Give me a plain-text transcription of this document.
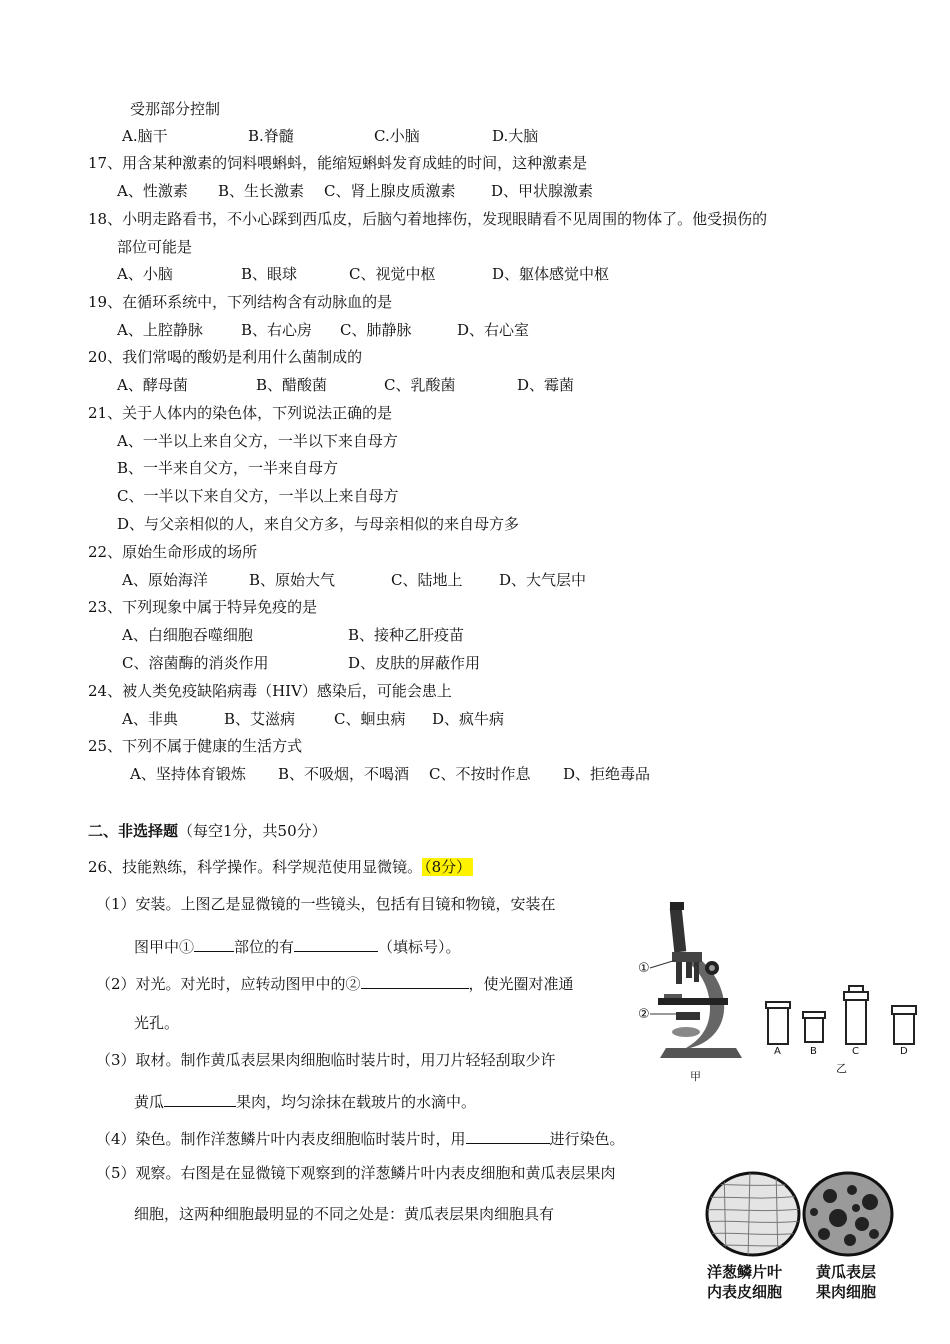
受那部分控制
A.脑干	B.脊髓	C.小脑	D.大脑
17、用含某种激素的饲料喂蝌蚪，能缩短蝌蚪发育成蛙的时间，这种激素是
A、性激素 B、生长激素 C、肾上腺皮质激素 D、甲状腺激素
18、小明走路看书，不小心踩到西瓜皮，后脑勺着地摔伤，发现眼睛看不见周围的物体了。他受损伤的
部位可能是
A、小脑	B、眼球	C、视觉中枢	D、躯体感觉中枢
19、在循环系统中，下列结构含有动脉血的是
A、上腔静脉	B、右心房 C、肺静脉	D、右心室
20、我们常喝的酸奶是利用什么菌制成的
A、酵母菌	B、醋酸菌	C、乳酸菌	D、霉菌
21、关于人体内的染色体，下列说法正确的是
A、一半以上来自父方，一半以下来自母方
B、一半来自父方，一半来自母方
C、一半以下来自父方，一半以上来自母方
D、与父亲相似的人，来自父方多，与母亲相似的来自母方多
22、原始生命形成的场所
A、原始海洋	B、原始大气	C、陆地上 D、大气层中
23、下列现象中属于特异免疫的是
A、白细胞吞噬细胞	B、接种乙肝疫苗
C、溶菌酶的消炎作用	D、皮肤的屏蔽作用
24、被人类免疫缺陷病毒（HIV）感染后，可能会患上
A、非典	B、艾滋病	C、蛔虫病 D、疯牛病
25、下列不属于健康的生活方式
A、坚持体育锻炼 B、不吸烟，不喝酒 C、不按时作息 D、拒绝毒品
二、非选择题（每空1分，共50分）
26、技能熟练，科学操作。科学规范使用显微镜。 （8分）
（1）安装。上图乙是显微镜的一些镜头，包括有目镜和物镜，安装在
图甲中①	部位的有	（填标号）。
（2）对光。对光时，应转动图甲中的②	，使光圈对准通
光孔。
（3）取材。制作黄瓜表层果肉细胞临时装片时，用刀片轻轻刮取少许
黄瓜	果肉，均匀涂抹在载玻片的水滴中。
（4）染色。制作洋葱鳞片叶内表皮细胞临时装片时，用	进行染色。
（5）观察。右图是在显微镜下观察到的洋葱鳞片叶内表皮细胞和黄瓜表层果肉
细胞，这两种细胞最明显的不同之处是：黄瓜表层果肉细胞具有
①
②
甲
A	B	C	D
乙
洋葱鳞片叶
内表皮细胞
黄瓜表层
果肉细胞
